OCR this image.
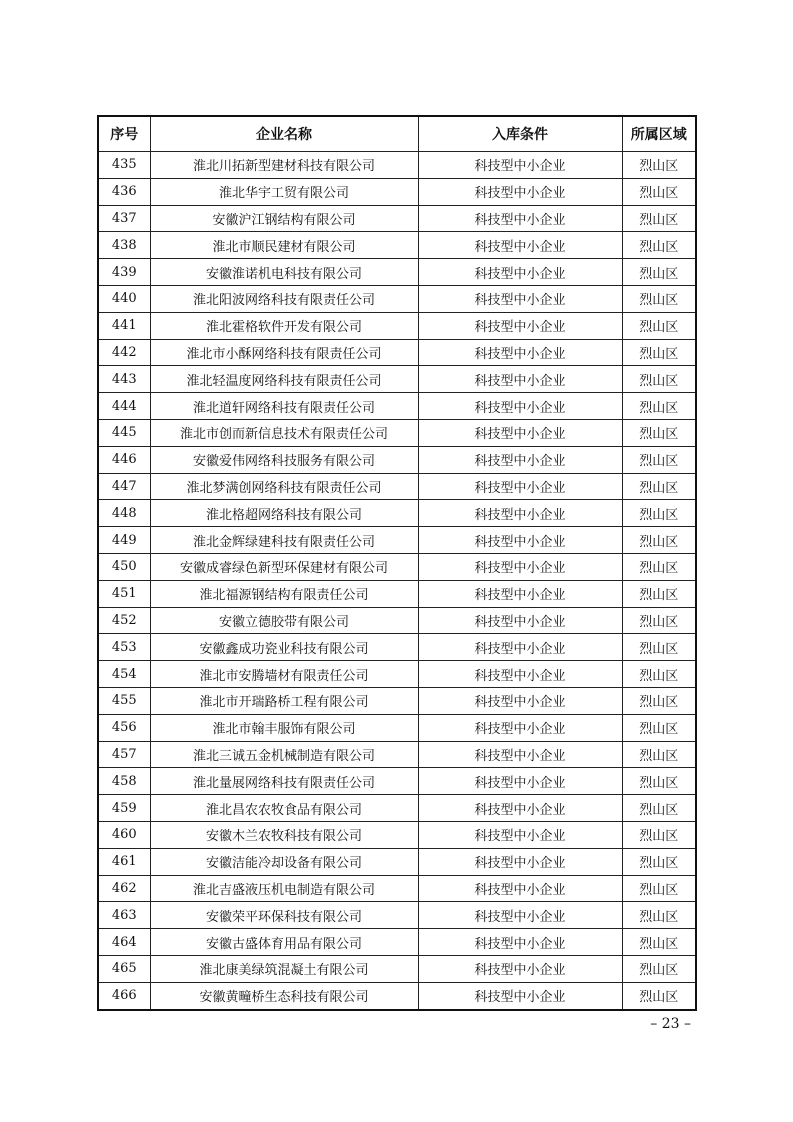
序号	企业名称	入库条件	所属区域
435	淮北川拓新型建材科技有限公司	科技型中小企业	烈山区
436	淮北华宇工贸有限公司	科技型中小企业	烈山区
437	安徽沪江钢结构有限公司	科技型中小企业	烈山区
438	淮北市顺民建材有限公司	科技型中小企业	烈山区
439	安徽淮诺机电科技有限公司	科技型中小企业	烈山区
440	淮北阳波网络科技有限责任公司	科技型中小企业	烈山区
441	淮北霍格软件开发有限公司	科技型中小企业	烈山区
442	淮北市小酥网络科技有限责任公司	科技型中小企业	烈山区
443	淮北轻温度网络科技有限责任公司	科技型中小企业	烈山区
444	淮北道轩网络科技有限责任公司	科技型中小企业	烈山区
445	淮北市创而新信息技术有限责任公司	科技型中小企业	烈山区
446	安徽爱伟网络科技服务有限公司	科技型中小企业	烈山区
447	淮北梦满创网络科技有限责任公司	科技型中小企业	烈山区
448	淮北格超网络科技有限公司	科技型中小企业	烈山区
449	淮北金辉绿建科技有限责任公司	科技型中小企业	烈山区
450	安徽成睿绿色新型环保建材有限公司	科技型中小企业	烈山区
451	淮北福源钢结构有限责任公司	科技型中小企业	烈山区
452	安徽立德胶带有限公司	科技型中小企业	烈山区
453	安徽鑫成功瓷业科技有限公司	科技型中小企业	烈山区
454	淮北市安腾墙材有限责任公司	科技型中小企业	烈山区
455	淮北市开瑞路桥工程有限公司	科技型中小企业	烈山区
456	淮北市翰丰服饰有限公司	科技型中小企业	烈山区
457	淮北三诚五金机械制造有限公司	科技型中小企业	烈山区
458	淮北量展网络科技有限责任公司	科技型中小企业	烈山区
459	淮北昌农农牧食品有限公司	科技型中小企业	烈山区
460	安徽木兰农牧科技有限公司	科技型中小企业	烈山区
461	安徽洁能冷却设备有限公司	科技型中小企业	烈山区
462	淮北吉盛液压机电制造有限公司	科技型中小企业	烈山区
463	安徽荣平环保科技有限公司	科技型中小企业	烈山区
464	安徽古盛体育用品有限公司	科技型中小企业	烈山区
465	淮北康美绿筑混凝土有限公司	科技型中小企业	烈山区
466	安徽黄疃桥生态科技有限公司	科技型中小企业	烈山区
– 23 –
